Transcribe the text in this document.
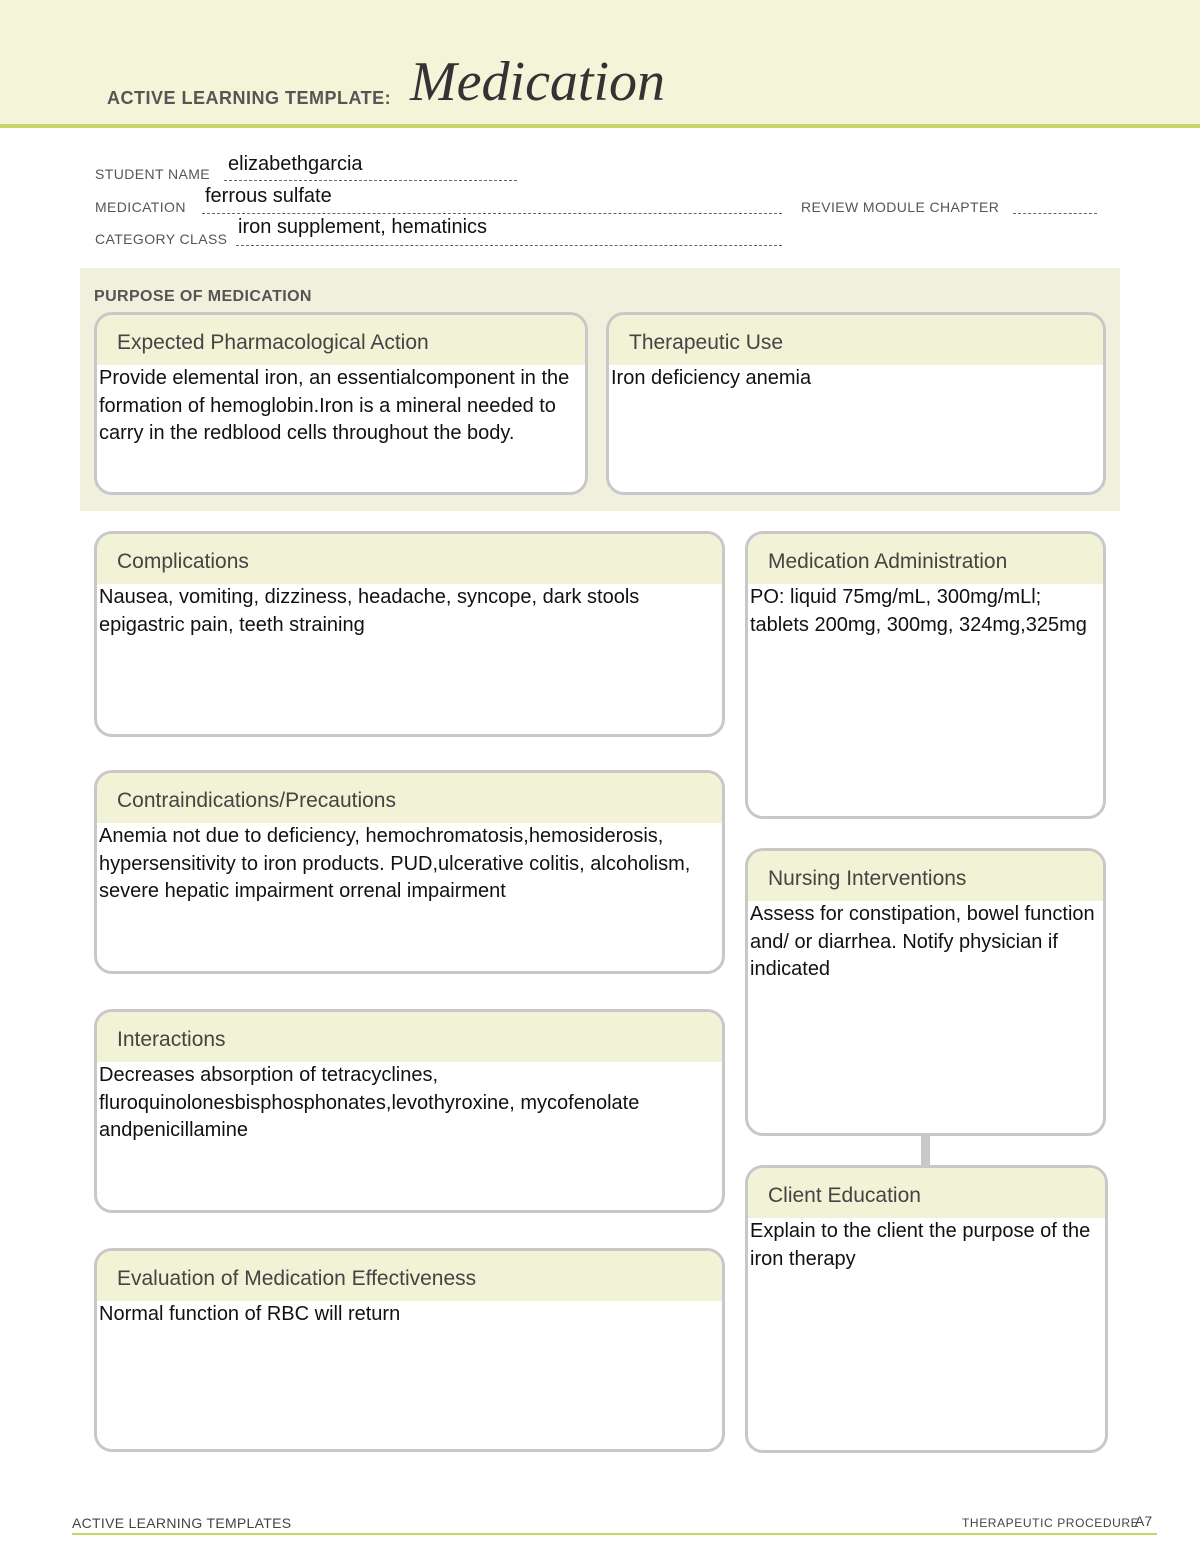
ACTIVE LEARNING TEMPLATE: Medication
STUDENT NAME elizabethgarcia
MEDICATION ferrous sulfate	REVIEW MODULE CHAPTER
CATEGORY CLASS
iron supplement, hematinics
PURPOSE OF MEDICATION
Expected Pharmacological Action
Provide elemental iron, an essentialcomponent in the formation of hemoglobin.Iron is a mineral needed to carry in the redblood cells throughout the body.
Therapeutic Use
Iron deficiency anemia
Complications
Nausea, vomiting, dizziness, headache, syncope, dark stools epigastric pain, teeth straining
Contraindications/Precautions
Anemia not due to deficiency, hemochromatosis,hemosiderosis, hypersensitivity to iron products. PUD,ulcerative colitis, alcoholism, severe hepatic impairment orrenal impairment
Interactions
Decreases absorption of tetracyclines, fluroquinolonesbisphosphonates,levothyroxine, mycofenolate andpenicillamine
Evaluation of Medication Effectiveness
Normal function of RBC will return
Medication Administration
PO: liquid 75mg/mL, 300mg/mLl; tablets 200mg, 300mg, 324mg,325mg
Nursing Interventions
Assess for constipation, bowel function and/ or diarrhea. Notify physician if indicated
Client Education
Explain to the client the purpose of the iron therapy
ACTIVE LEARNING TEMPLATES	THERAPEUTIC PROCEDURE
A7
